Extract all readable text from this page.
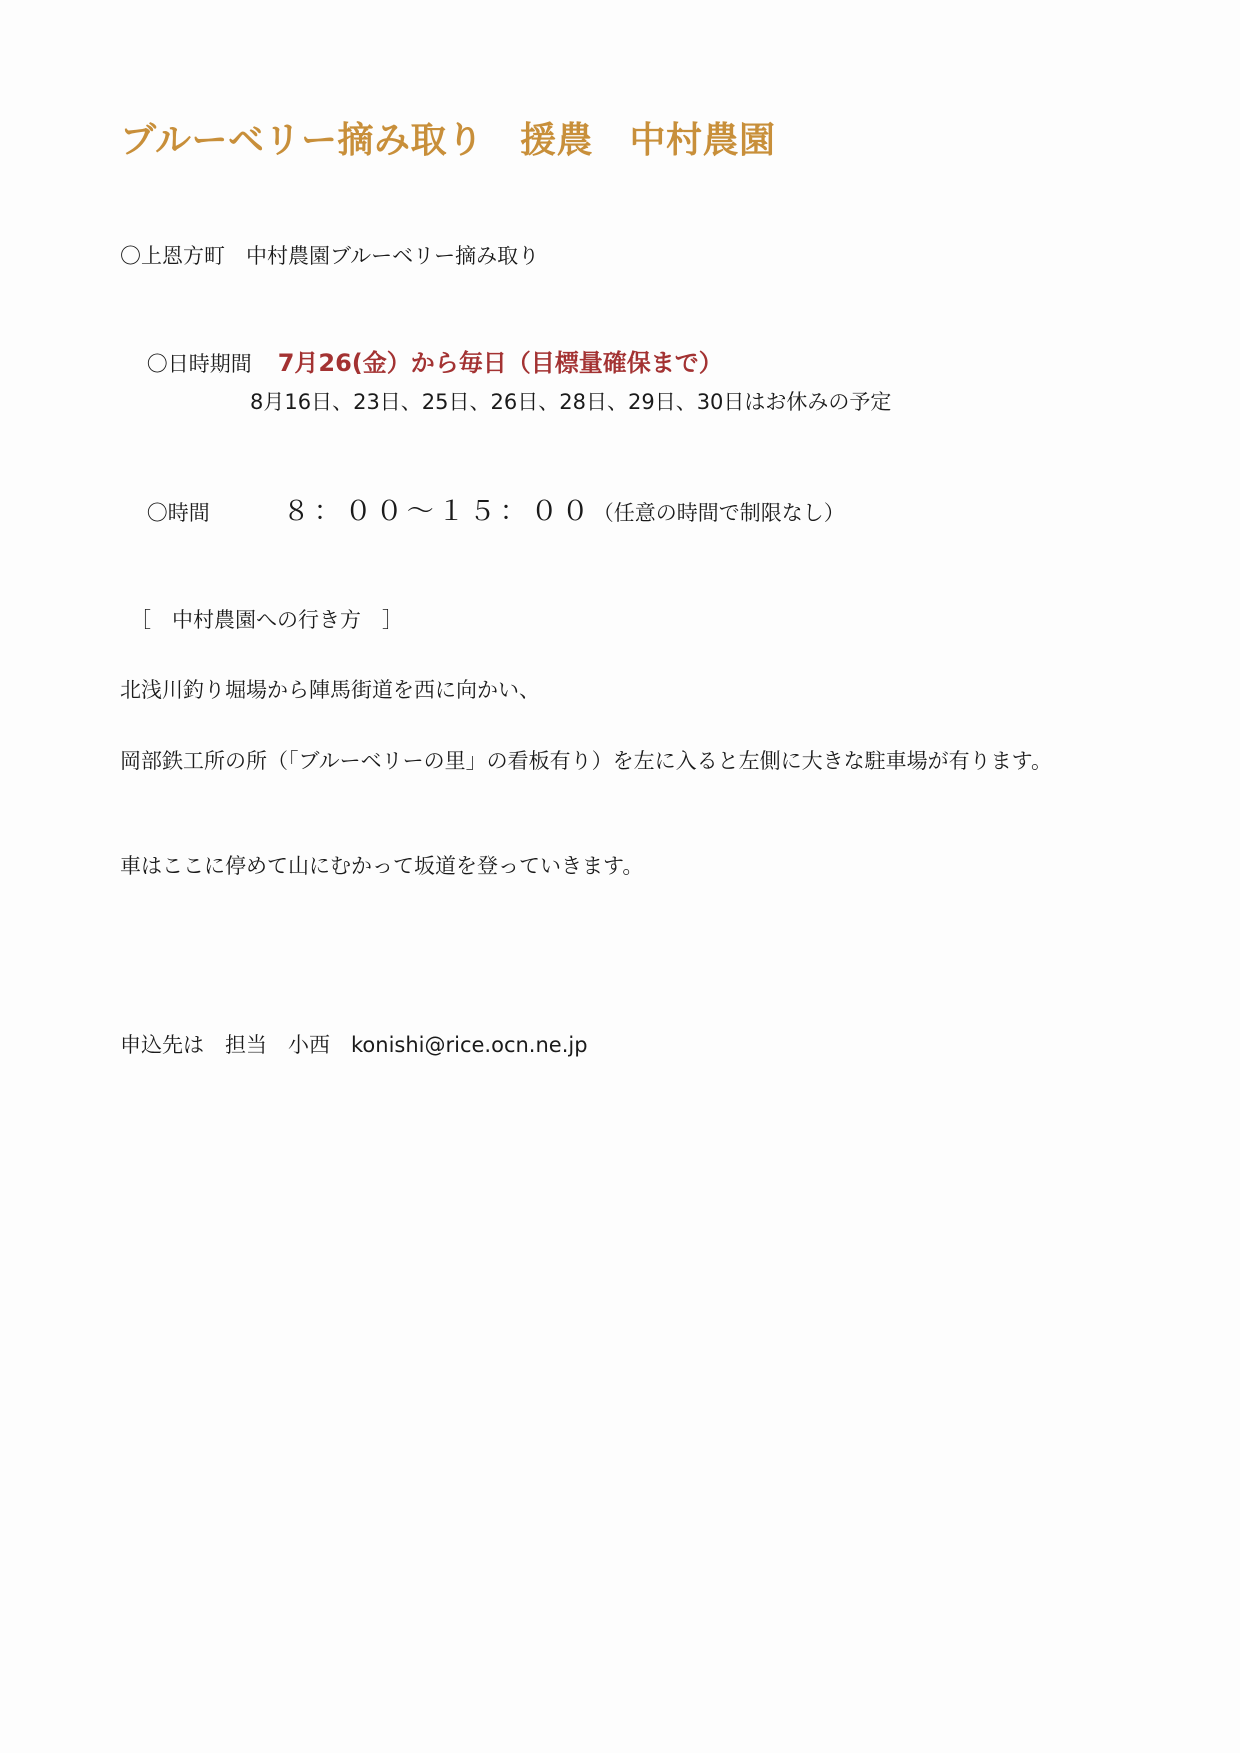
ブルーベリー摘み取り　援農　中村農園
〇上恩方町　中村農園ブルーベリー摘み取り

〇日時期間 7月26(金）から毎日（目標量確保まで）

8月16日、23日、25日、26日、28日、29日、30日はお休みの予定

〇時間	８：００〜１５：００（任意の時間で制限なし）

［　中村農園への行き方　］
北浅川釣り堀場から陣馬街道を西に向かい、
岡部鉄工所の所（「ブルーベリーの里」の看板有り）を左に入ると左側に大きな駐車場が有ります。
車はここに停めて山にむかって坂道を登っていきます。
申込先は　担当　小西　konishi@rice.ocn.ne.jp
